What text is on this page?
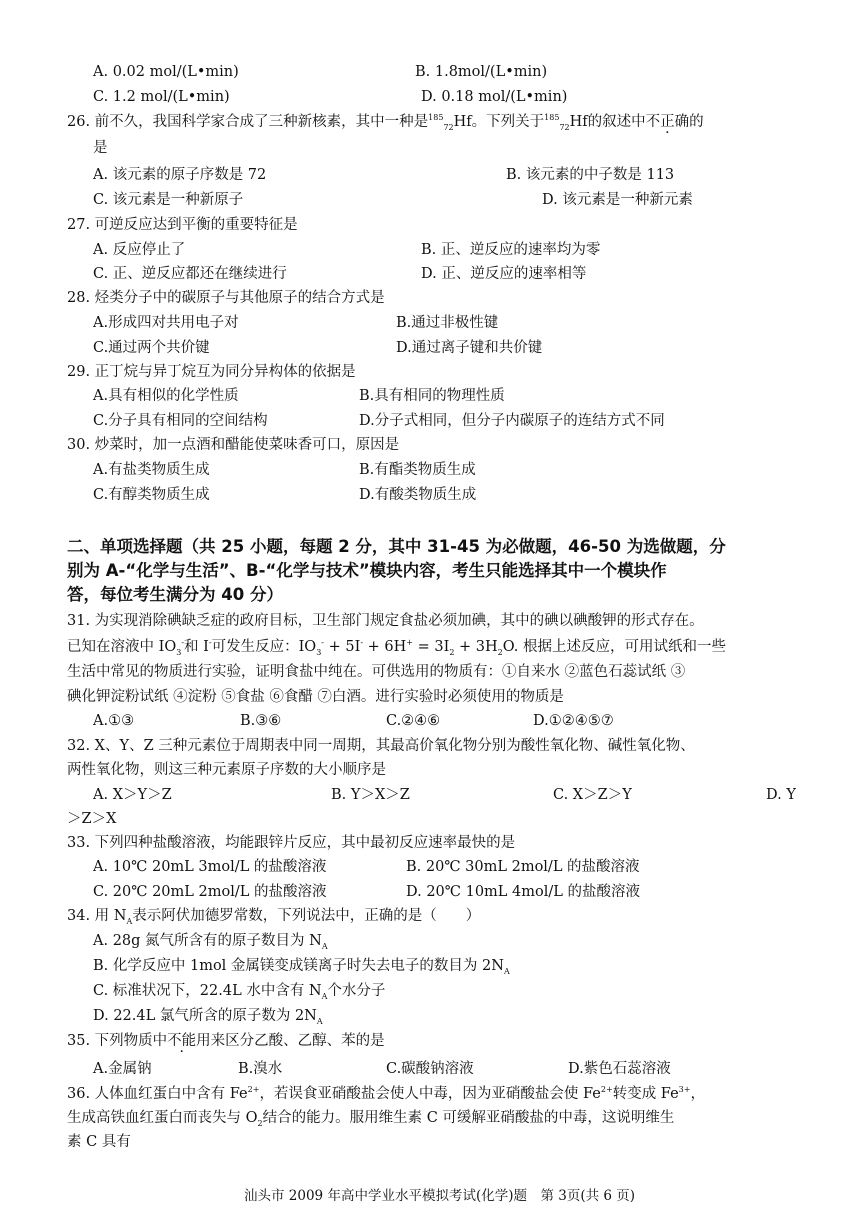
A. 0.02 mol/(L•min)	B. 1.8mol/(L•min)
C. 1.2 mol/(L•min)	D. 0.18 mol/(L•min)
26. 前不久，我国科学家合成了三种新核素，其中一种是$^{185}_{72}$Hf。下列关于$^{185}_{72}$Hf的叙述中不正确的
是
A. 该元素的原子序数是 72	B. 该元素的中子数是 113
C. 该元素是一种新原子	D. 该元素是一种新元素
27. 可逆反应达到平衡的重要特征是
A. 反应停止了	B. 正、逆反应的速率均为零
C. 正、逆反应都还在继续进行	D. 正、逆反应的速率相等
28. 烃类分子中的碳原子与其他原子的结合方式是
A.形成四对共用电子对	B.通过非极性键
C.通过两个共价键	D.通过离子键和共价键
29. 正丁烷与异丁烷互为同分异构体的依据是
A.具有相似的化学性质	B.具有相同的物理性质
C.分子具有相同的空间结构	D.分子式相同，但分子内碳原子的连结方式不同
30. 炒菜时，加一点酒和醋能使菜味香可口，原因是
A.有盐类物质生成	B.有酯类物质生成
C.有醇类物质生成	D.有酸类物质生成
二、单项选择题（共 25 小题，每题 2 分，其中 31-45 为必做题，46-50 为选做题，分
别为 A-“化学与生活”、B-“化学与技术”模块内容，考生只能选择其中一个模块作
答，每位考生满分为 40 分）
31. 为实现消除碘缺乏症的政府目标，卫生部门规定食盐必须加碘，其中的碘以碘酸钾的形式存在。
已知在溶液中 $IO_3^-$和 I-可发生反应：$IO_3^- + 5I^- + 6H^+ = 3I_2 + 3H_2O$. 根据上述反应，可用试纸和一些
生活中常见的物质进行实验，证明食盐中纯在。可供选用的物质有：①自来水 ②蓝色石蕊试纸 ③
碘化钾淀粉试纸 ④淀粉 ⑤食盐 ⑥食醋 ⑦白酒。进行实验时必须使用的物质是
A.①③	B.③⑥	C.②④⑥	D.①②④⑤⑦
32. X、Y、Z 三种元素位于周期表中同一周期，其最高价氧化物分别为酸性氧化物、碱性氧化物、
两性氧化物，则这三种元素原子序数的大小顺序是
A. X＞Y＞Z	B. Y＞X＞Z	C. X＞Z＞Y	D. Y
＞Z＞X
33. 下列四种盐酸溶液，均能跟锌片反应，其中最初反应速率最快的是
A. 10℃ 20mL 3mol/L 的盐酸溶液	B. 20℃ 30mL 2mol/L 的盐酸溶液
C. 20℃ 20mL 2mol/L 的盐酸溶液	D. 20℃ 10mL 4mol/L 的盐酸溶液
34. 用 $N_A$表示阿伏加德罗常数，下列说法中，正确的是（　　）
A. 28g 氮气所含有的原子数目为 $N_A$
B. 化学反应中 1mol 金属镁变成镁离子时失去电子的数目为 $2N_A$
C. 标准状况下，22.4L 水中含有 $N_A$个水分子
D. 22.4L 氯气所含的原子数为 $2N_A$
35. 下列物质中不能用来区分乙酸、乙醇、苯的是
A.金属钠	B.溴水	C.碳酸钠溶液	D.紫色石蕊溶液
36. 人体血红蛋白中含有 $Fe^{2+}$，若误食亚硝酸盐会使人中毒，因为亚硝酸盐会使 $Fe^{2+}$转变成 $Fe^{3+}$，
生成高铁血红蛋白而丧失与 $O_2$结合的能力。服用维生素 C 可缓解亚硝酸盐的中毒，这说明维生
素 C 具有
汕头市 2009 年高中学业水平模拟考试(化学)题　第 3页(共 6 页)
